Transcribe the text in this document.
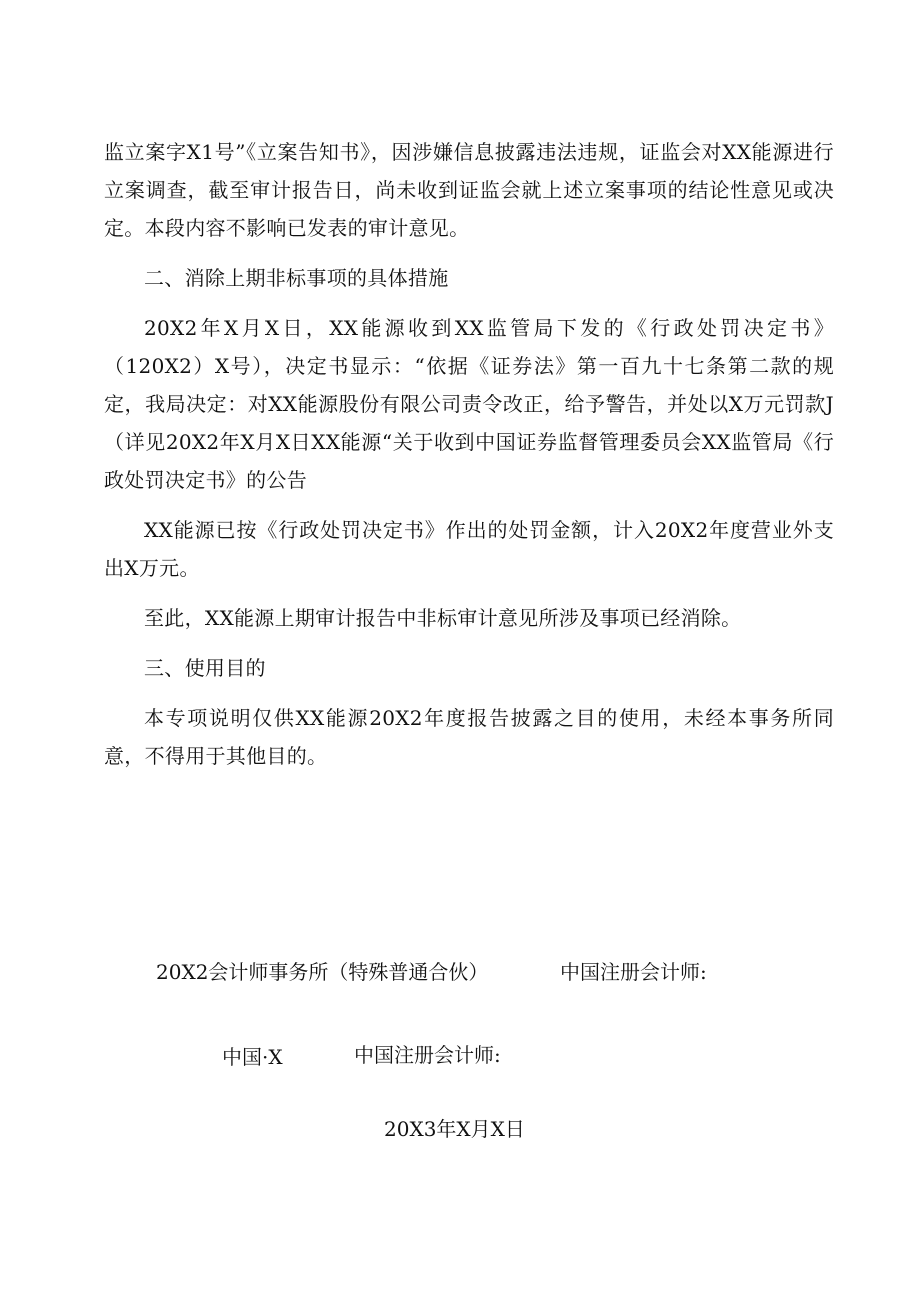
监立案字X1号”《立案告知书》，因涉嫌信息披露违法违规，证监会对XX能源进行立案调查，截至审计报告日，尚未收到证监会就上述立案事项的结论性意见或决定。本段内容不影响已发表的审计意见。

二、消除上期非标事项的具体措施

20X2年X月X日，XX能源收到XX监管局下发的《行政处罚决定书》（120X2）X号），决定书显示：“依据《证券法》第一百九十七条第二款的规定，我局决定：对XX能源股份有限公司责令改正，给予警告，并处以X万元罚款J（详见20X2年X月X日XX能源“关于收到中国证券监督管理委员会XX监管局《行政处罚决定书》的公告

XX能源已按《行政处罚决定书》作出的处罚金额，计入20X2年度营业外支出X万元。

至此，XX能源上期审计报告中非标审计意见所涉及事项已经消除。

三、使用目的

本专项说明仅供XX能源20X2年度报告披露之目的使用，未经本事务所同意，不得用于其他目的。

20X2会计师事务所（特殊普通合伙）	中国注册会计师:
中国·X	中国注册会计师:
20X3年X月X日
